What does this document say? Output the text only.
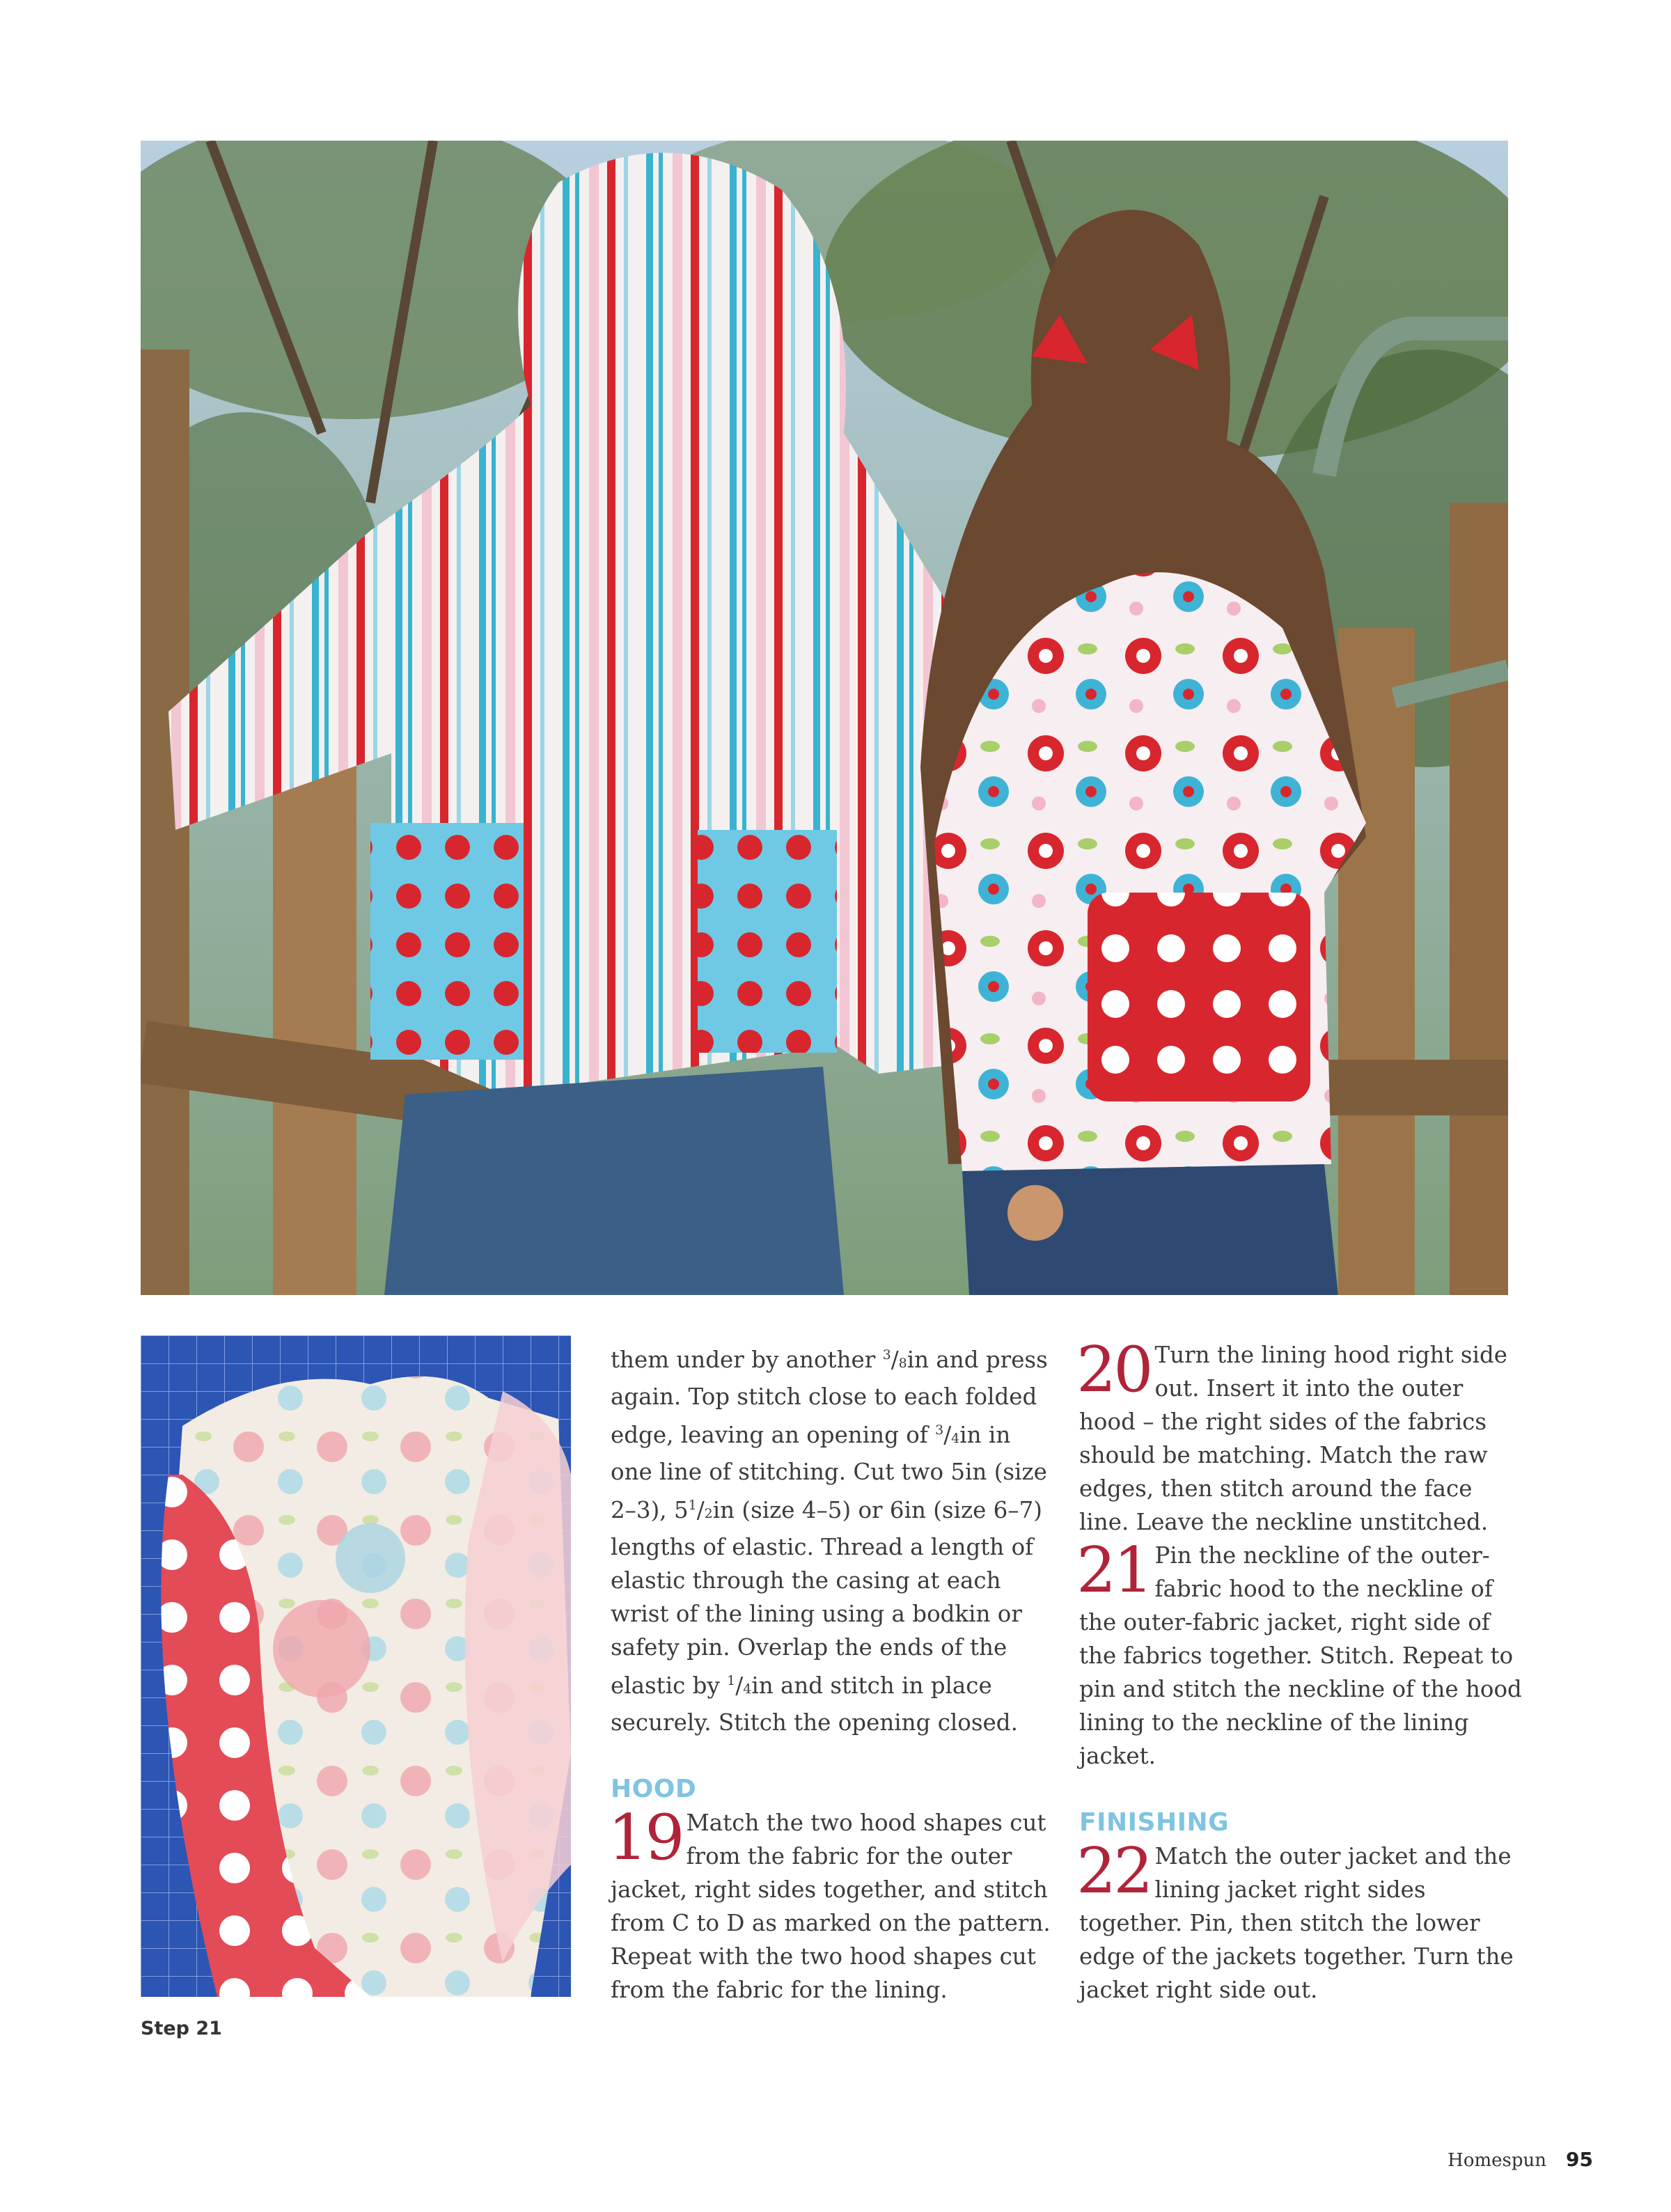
Step 21

them under by another $^3$/8in and press again. Top stitch close to each folded edge, leaving an opening of $^3$/4in in one line of stitching. Cut two 5in (size 2–3), $5^1/2in$ (size 4–5) or 6in (size 6–7) lengths of elastic. Thread a length of elastic through the casing at each wrist of the lining using a bodkin or safety pin. Overlap the ends of the elastic by $^1$/4in and stitch in place securely. Stitch the opening closed.

HOOD

19 Match the two hood shapes cut from the fabric for the outer jacket, right sides together, and stitch from C to D as marked on the pattern. Repeat with the two hood shapes cut from the fabric for the lining.

20 Turn the lining hood right side out. Insert it into the outer hood – the right sides of the fabrics should be matching. Match the raw edges, then stitch around the face line. Leave the neckline unstitched.

21 Pin the neckline of the outer-fabric hood to the neckline of the outer-fabric jacket, right side of the fabrics together. Stitch. Repeat to pin and stitch the neckline of the hood lining to the neckline of the lining jacket.

FINISHING

22 Match the outer jacket and the lining jacket right sides together. Pin, then stitch the lower edge of the jackets together. Turn the jacket right side out.

Homespun 95
